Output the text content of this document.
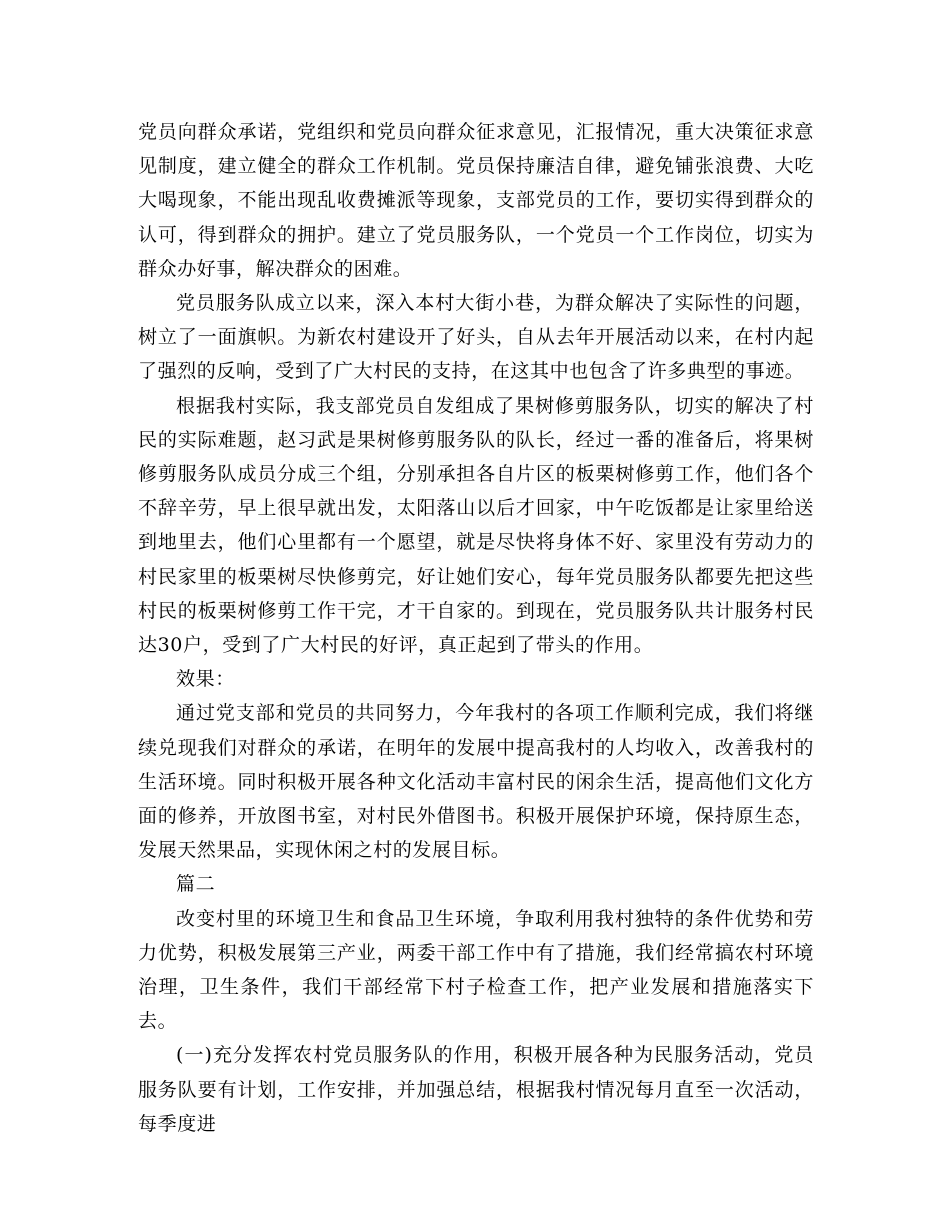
党员向群众承诺，党组织和党员向群众征求意见，汇报情况，重大决策征求意见制度，建立健全的群众工作机制。党员保持廉洁自律，避免铺张浪费、大吃大喝现象，不能出现乱收费摊派等现象，支部党员的工作，要切实得到群众的认可，得到群众的拥护。建立了党员服务队，一个党员一个工作岗位，切实为群众办好事，解决群众的困难。

党员服务队成立以来，深入本村大街小巷，为群众解决了实际性的问题，树立了一面旗帜。为新农村建设开了好头，自从去年开展活动以来，在村内起了强烈的反响，受到了广大村民的支持，在这其中也包含了许多典型的事迹。

根据我村实际，我支部党员自发组成了果树修剪服务队，切实的解决了村民的实际难题，赵习武是果树修剪服务队的队长，经过一番的准备后，将果树修剪服务队成员分成三个组，分别承担各自片区的板栗树修剪工作，他们各个不辞辛劳，早上很早就出发，太阳落山以后才回家，中午吃饭都是让家里给送到地里去，他们心里都有一个愿望，就是尽快将身体不好、家里没有劳动力的村民家里的板栗树尽快修剪完，好让她们安心，每年党员服务队都要先把这些村民的板栗树修剪工作干完，才干自家的。到现在，党员服务队共计服务村民达30户，受到了广大村民的好评，真正起到了带头的作用。

效果：

通过党支部和党员的共同努力，今年我村的各项工作顺利完成，我们将继续兑现我们对群众的承诺，在明年的发展中提高我村的人均收入，改善我村的生活环境。同时积极开展各种文化活动丰富村民的闲余生活，提高他们文化方面的修养，开放图书室，对村民外借图书。积极开展保护环境，保持原生态，发展天然果品，实现休闲之村的发展目标。

篇二

改变村里的环境卫生和食品卫生环境，争取利用我村独特的条件优势和劳力优势，积极发展第三产业，两委干部工作中有了措施，我们经常搞农村环境治理，卫生条件，我们干部经常下村子检查工作，把产业发展和措施落实下去。

(一)充分发挥农村党员服务队的作用，积极开展各种为民服务活动，党员服务队要有计划，工作安排，并加强总结，根据我村情况每月直至一次活动，每季度进
